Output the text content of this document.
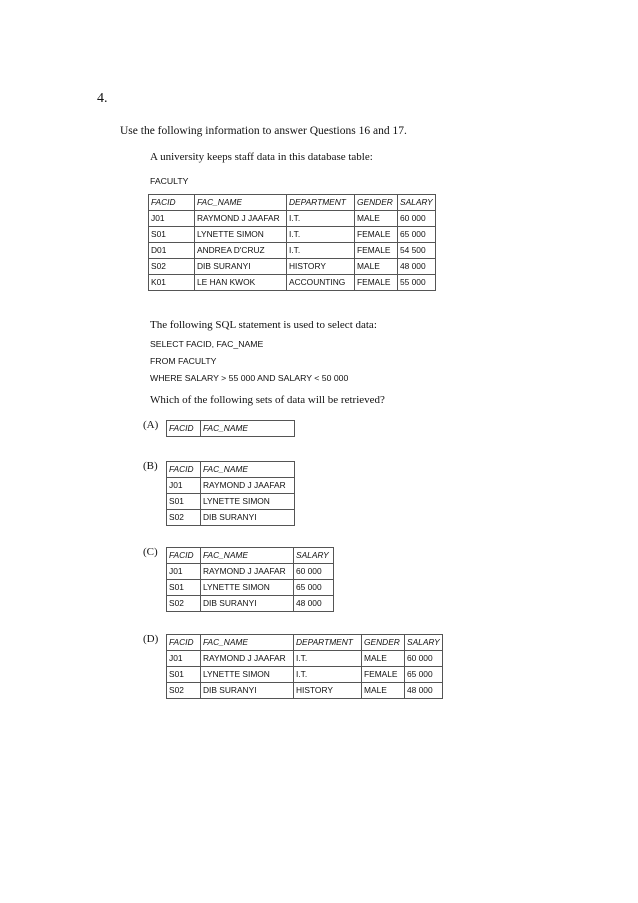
4.
Use the following information to answer Questions 16 and 17.
A university keeps staff data in this database table:
FACULTY
FACID	FAC_NAME	DEPARTMENT	GENDER	SALARY
J01	RAYMOND J JAAFAR	I.T.	MALE	60 000
S01	LYNETTE SIMON	I.T.	FEMALE	65 000
D01	ANDREA D'CRUZ	I.T.	FEMALE	54 500
S02	DIB SURANYI	HISTORY	MALE	48 000
K01	LE HAN KWOK	ACCOUNTING	FEMALE	55 000
The following SQL statement is used to select data:
SELECT FACID, FAC_NAME
FROM FACULTY
WHERE SALARY > 55 000 AND SALARY < 50 000
Which of the following sets of data will be retrieved?
(A)
(B)
(C)
(D)
FACID	FAC_NAME
FACID	FAC_NAME
J01	RAYMOND J JAAFAR
S01	LYNETTE SIMON
S02	DIB SURANYI
FACID	FAC_NAME	SALARY
J01	RAYMOND J JAAFAR	60 000
S01	LYNETTE SIMON	65 000
S02	DIB SURANYI	48 000
FACID	FAC_NAME	DEPARTMENT	GENDER	SALARY
J01	RAYMOND J JAAFAR	I.T.	MALE	60 000
S01	LYNETTE SIMON	I.T.	FEMALE	65 000
S02	DIB SURANYI	HISTORY	MALE	48 000
